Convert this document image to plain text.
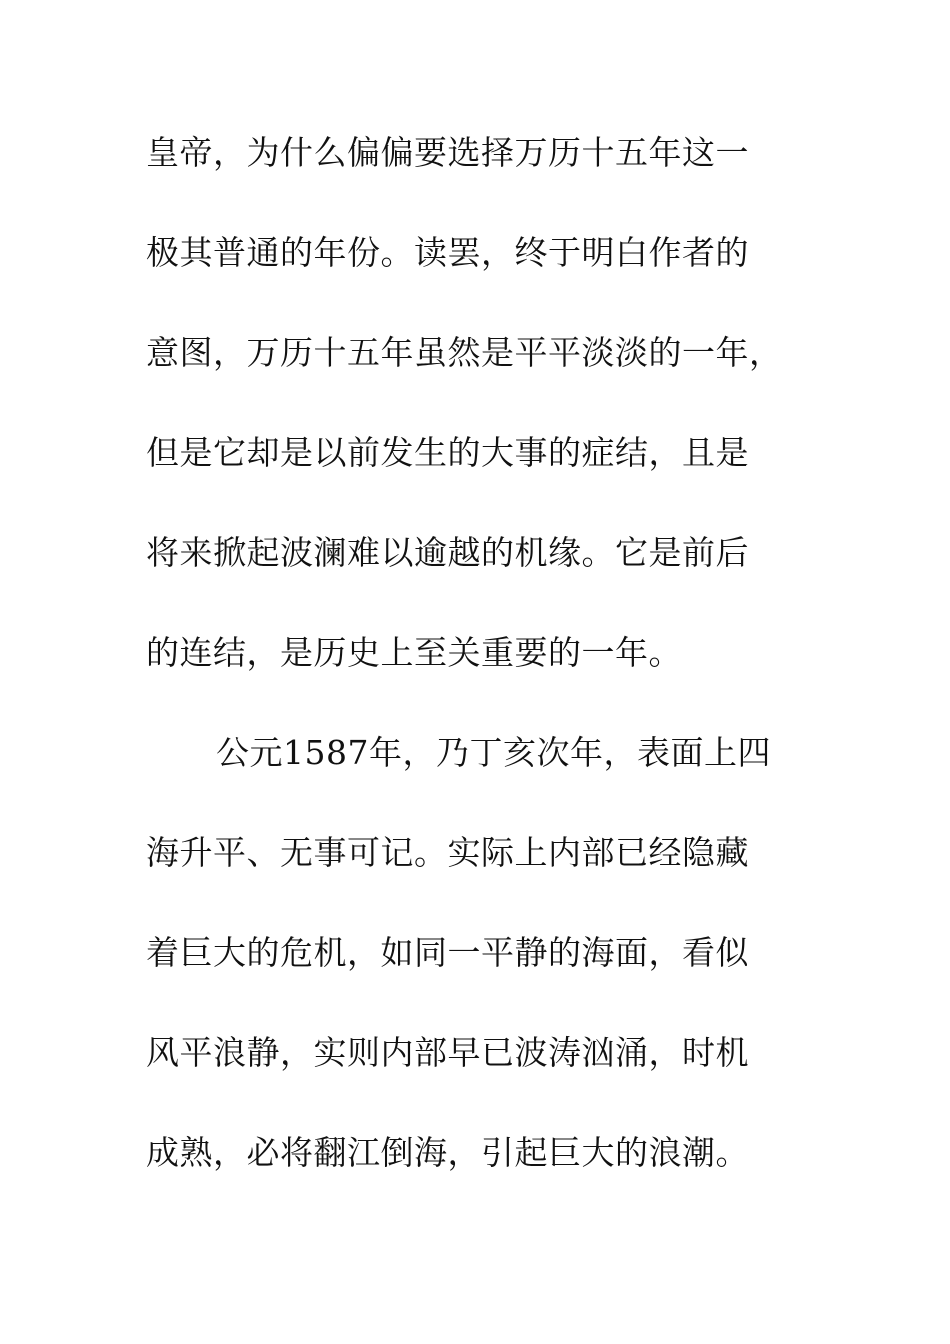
皇帝，为什么偏偏要选择万历十五年这一
极其普通的年份。读罢，终于明白作者的
意图，万历十五年虽然是平平淡淡的一年，
但是它却是以前发生的大事的症结，且是
将来掀起波澜难以逾越的机缘。它是前后
的连结，是历史上至关重要的一年。
公元1587年，乃丁亥次年，表面上四
海升平、无事可记。实际上内部已经隐藏
着巨大的危机，如同一平静的海面，看似
风平浪静，实则内部早已波涛汹涌，时机
成熟，必将翻江倒海，引起巨大的浪潮。
